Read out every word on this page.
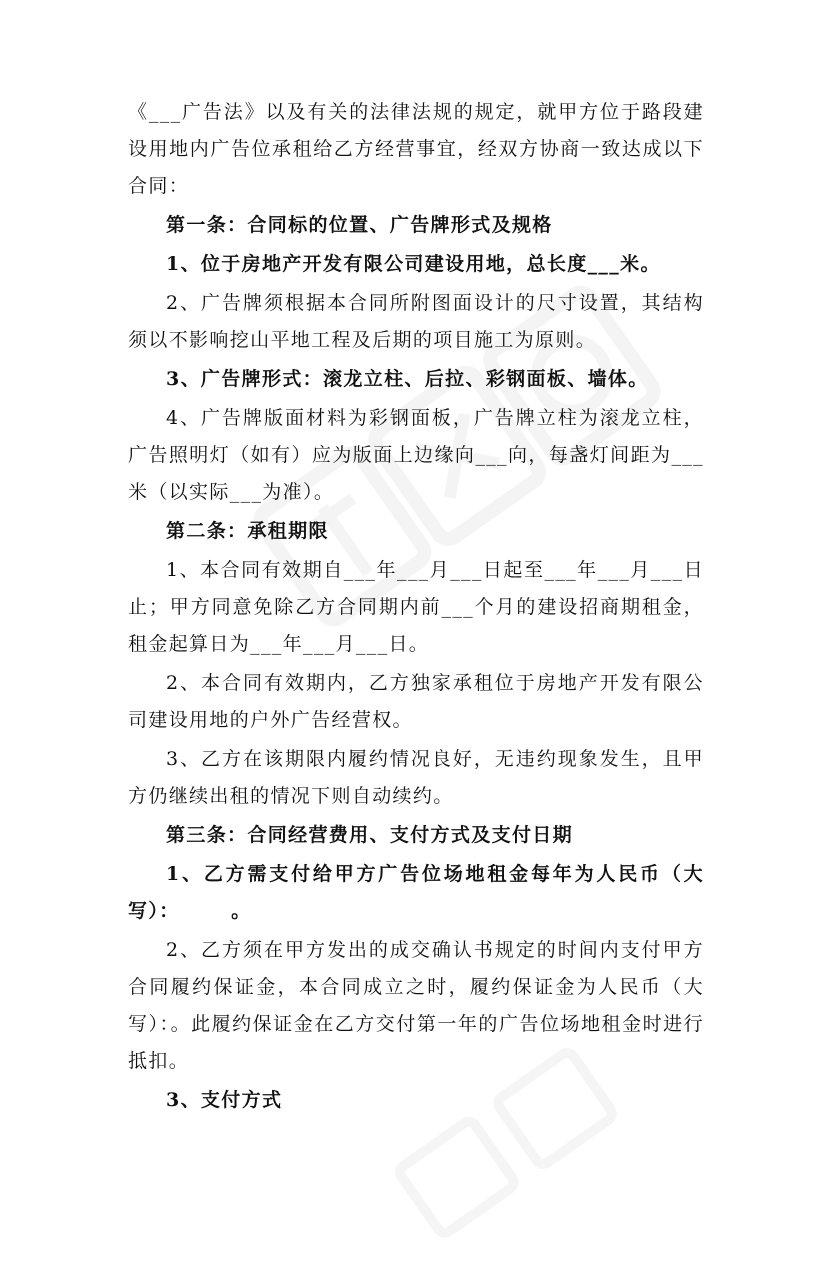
《___广告法》以及有关的法律法规的规定，就甲方位于路段建设用地内广告位承租给乙方经营事宜，经双方协商一致达成以下合同：

第一条：合同标的位置、广告牌形式及规格

1、位于房地产开发有限公司建设用地，总长度___米。

2、广告牌须根据本合同所附图面设计的尺寸设置，其结构须以不影响挖山平地工程及后期的项目施工为原则。

3、广告牌形式：滚龙立柱、后拉、彩钢面板、墙体。

4、广告牌版面材料为彩钢面板，广告牌立柱为滚龙立柱，广告照明灯（如有）应为版面上边缘向___向，每盏灯间距为___米（以实际___为准）。

第二条：承租期限

1、本合同有效期自___年___月___日起至___年___月___日止；甲方同意免除乙方合同期内前___个月的建设招商期租金，租金起算日为___年___月___日。

2、本合同有效期内，乙方独家承租位于房地产开发有限公司建设用地的户外广告经营权。

3、乙方在该期限内履约情况良好，无违约现象发生，且甲方仍继续出租的情况下则自动续约。

第三条：合同经营费用、支付方式及支付日期

1、乙方需支付给甲方广告位场地租金每年为人民币（大写）：　　　。

2、乙方须在甲方发出的成交确认书规定的时间内支付甲方合同履约保证金，本合同成立之时，履约保证金为人民币（大写）：。此履约保证金在乙方交付第一年的广告位场地租金时进行抵扣。

3、支付方式
